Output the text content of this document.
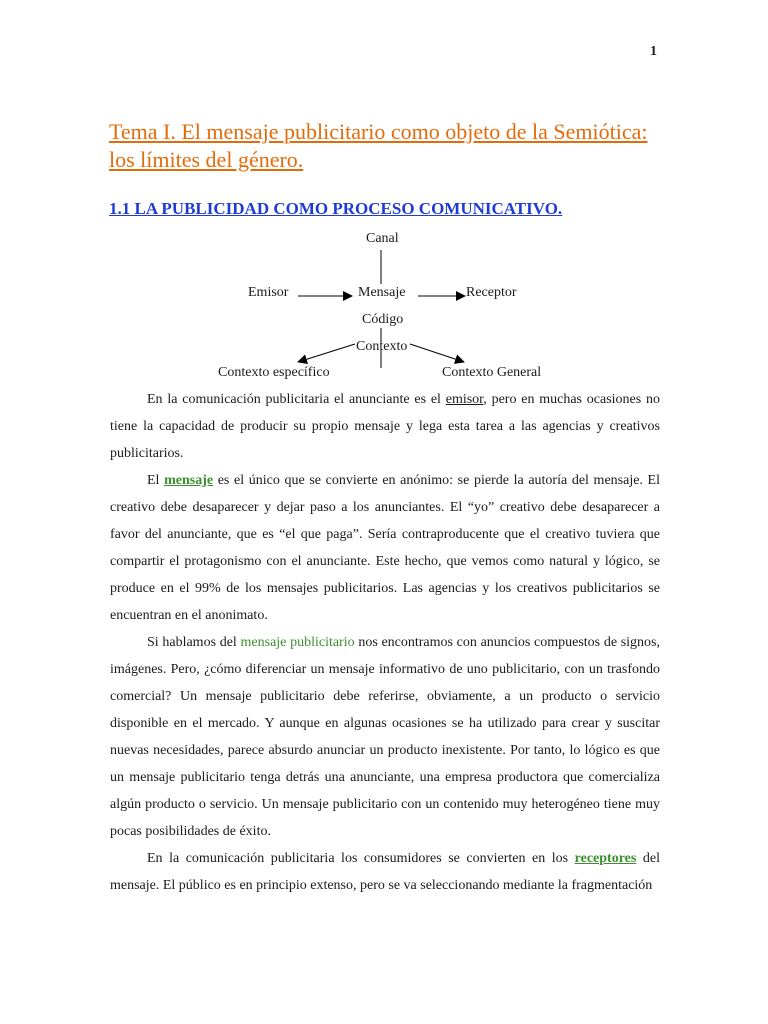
1
Tema I. El mensaje publicitario como objeto de la Semiótica: los límites del género.
1.1 LA PUBLICIDAD COMO PROCESO COMUNICATIVO.
Canal
Emisor	Mensaje	Receptor
Código
Contexto
Contexto específico	Contexto General

En la comunicación publicitaria el anunciante es el emisor, pero en muchas ocasiones no tiene la capacidad de producir su propio mensaje y lega esta tarea a las agencias y creativos publicitarios.

El mensaje es el único que se convierte en anónimo: se pierde la autoría del mensaje. El creativo debe desaparecer y dejar paso a los anunciantes. El “yo” creativo debe desaparecer a favor del anunciante, que es “el que paga”. Sería contraproducente que el creativo tuviera que compartir el protagonismo con el anunciante. Este hecho, que vemos como natural y lógico, se produce en el 99% de los mensajes publicitarios. Las agencias y los creativos publicitarios se encuentran en el anonimato.

Si hablamos del mensaje publicitario nos encontramos con anuncios compuestos de signos, imágenes. Pero, ¿cómo diferenciar un mensaje informativo de uno publicitario, con un trasfondo comercial? Un mensaje publicitario debe referirse, obviamente, a un producto o servicio disponible en el mercado. Y aunque en algunas ocasiones se ha utilizado para crear y suscitar nuevas necesidades, parece absurdo anunciar un producto inexistente. Por tanto, lo lógico es que un mensaje publicitario tenga detrás una anunciante, una empresa productora que comercializa algún producto o servicio. Un mensaje publicitario con un contenido muy heterogéneo tiene muy pocas posibilidades de éxito.

En la comunicación publicitaria los consumidores se convierten en los receptores del mensaje. El público es en principio extenso, pero se va seleccionando mediante la fragmentación
